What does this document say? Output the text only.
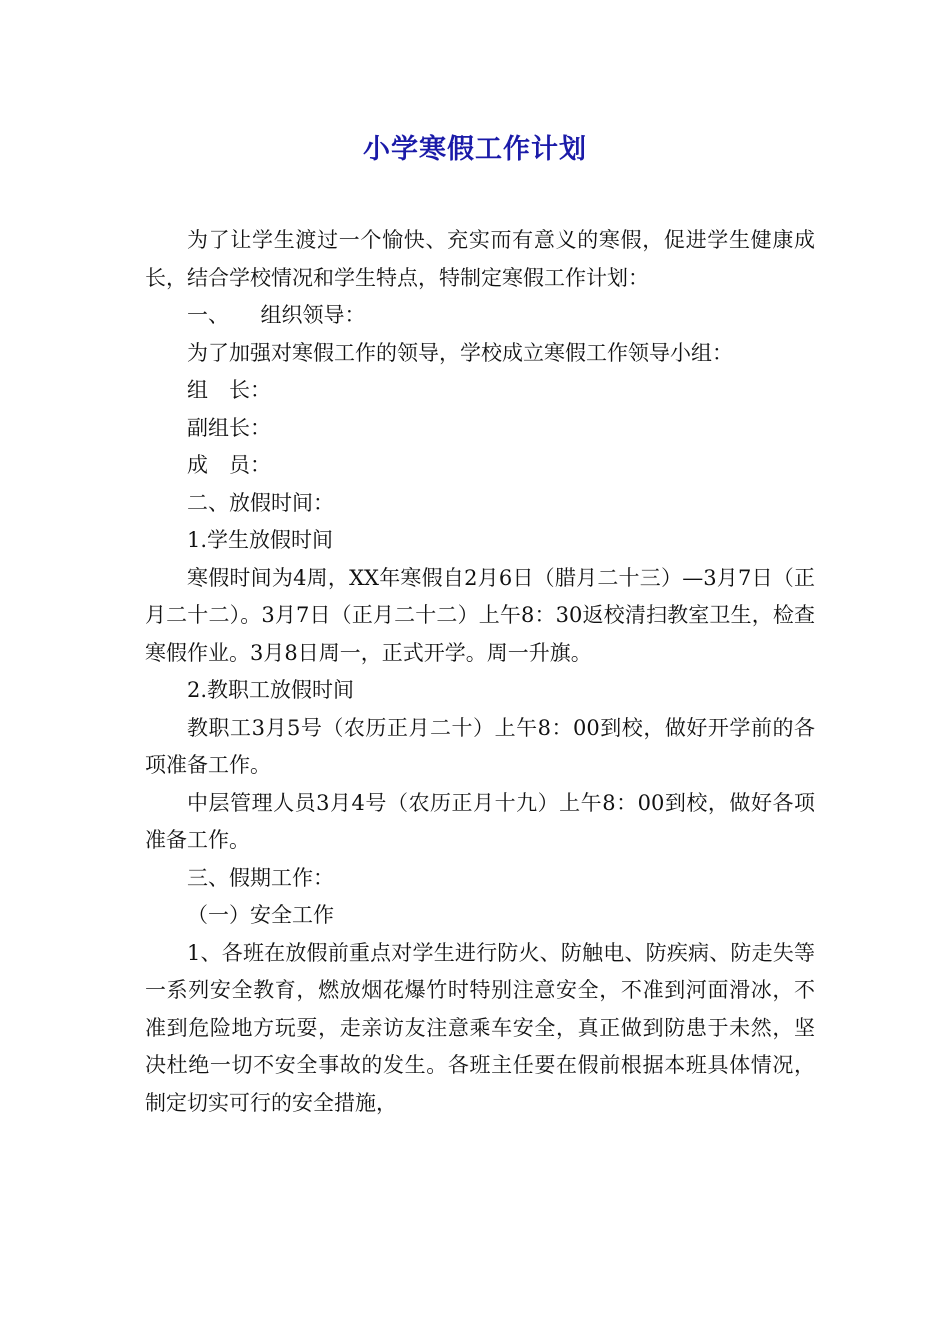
小学寒假工作计划

为了让学生渡过一个愉快、充实而有意义的寒假，促进学生健康成长，结合学校情况和学生特点，特制定寒假工作计划：

一、　　组织领导：

为了加强对寒假工作的领导，学校成立寒假工作领导小组：

组　长：

副组长：

成　员：

二、放假时间：

1.学生放假时间

寒假时间为4周，XX年寒假自2月6日（腊月二十三）—3月7日（正月二十二）。3月7日（正月二十二）上午8：30返校清扫教室卫生，检查寒假作业。3月8日周一，正式开学。周一升旗。

2.教职工放假时间

教职工3月5号（农历正月二十）上午8：00到校，做好开学前的各项准备工作。

中层管理人员3月4号（农历正月十九）上午8：00到校，做好各项准备工作。

三、假期工作：

（一）安全工作

1、各班在放假前重点对学生进行防火、防触电、防疾病、防走失等一系列安全教育，燃放烟花爆竹时特别注意安全，不准到河面滑冰，不准到危险地方玩耍，走亲访友注意乘车安全，真正做到防患于未然，坚决杜绝一切不安全事故的发生。各班主任要在假前根据本班具体情况，制定切实可行的安全措施，
